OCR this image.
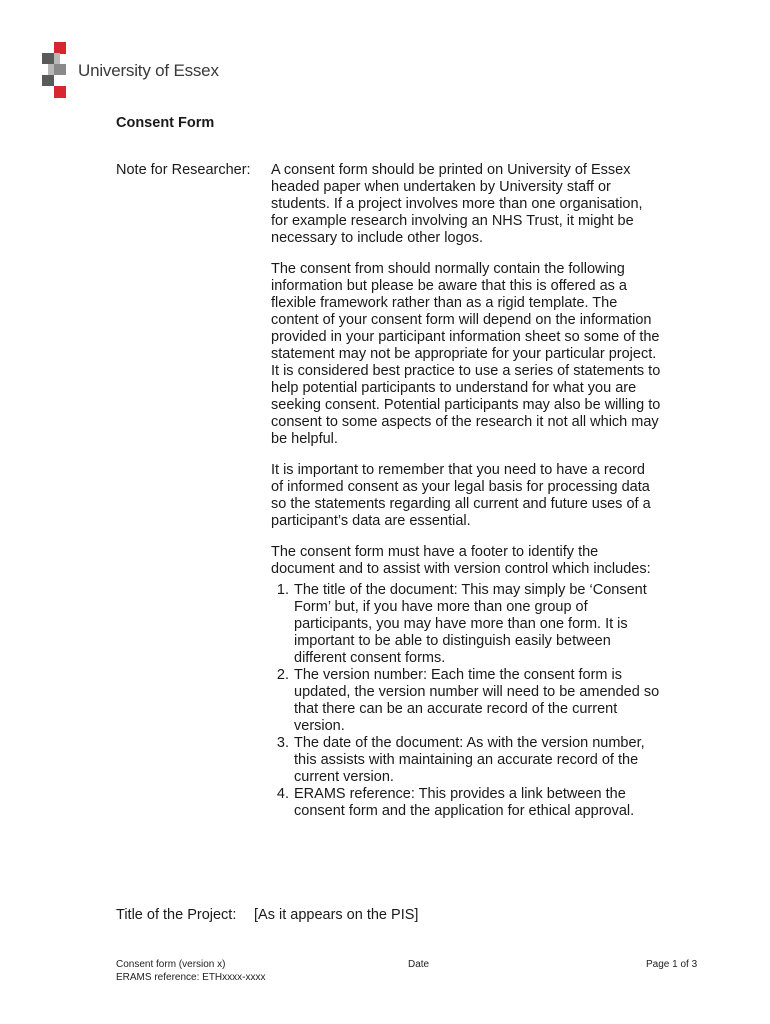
University of Essex
Consent Form
Note for Researcher: A consent form should be printed on University of Essex headed paper when undertaken by University staff or students. If a project involves more than one organisation, for example research involving an NHS Trust, it might be necessary to include other logos.

The consent from should normally contain the following information but please be aware that this is offered as a flexible framework rather than as a rigid template. The content of your consent form will depend on the information provided in your participant information sheet so some of the statement may not be appropriate for your particular project. It is considered best practice to use a series of statements to help potential participants to understand for what you are seeking consent. Potential participants may also be willing to consent to some aspects of the research it not all which may be helpful.

It is important to remember that you need to have a record of informed consent as your legal basis for processing data so the statements regarding all current and future uses of a participant’s data are essential.

The consent form must have a footer to identify the document and to assist with version control which includes:

1. The title of the document: This may simply be ‘Consent Form’ but, if you have more than one group of participants, you may have more than one form. It is important to be able to distinguish easily between different consent forms.
2. The version number: Each time the consent form is updated, the version number will need to be amended so that there can be an accurate record of the current version.
3. The date of the document: As with the version number, this assists with maintaining an accurate record of the current version.
4. ERAMS reference: This provides a link between the consent form and the application for ethical approval.
Title of the Project: [As it appears on the PIS]
Consent form (version x)
ERAMS reference: ETHxxxx-xxxx
Date	Page 1 of 3
